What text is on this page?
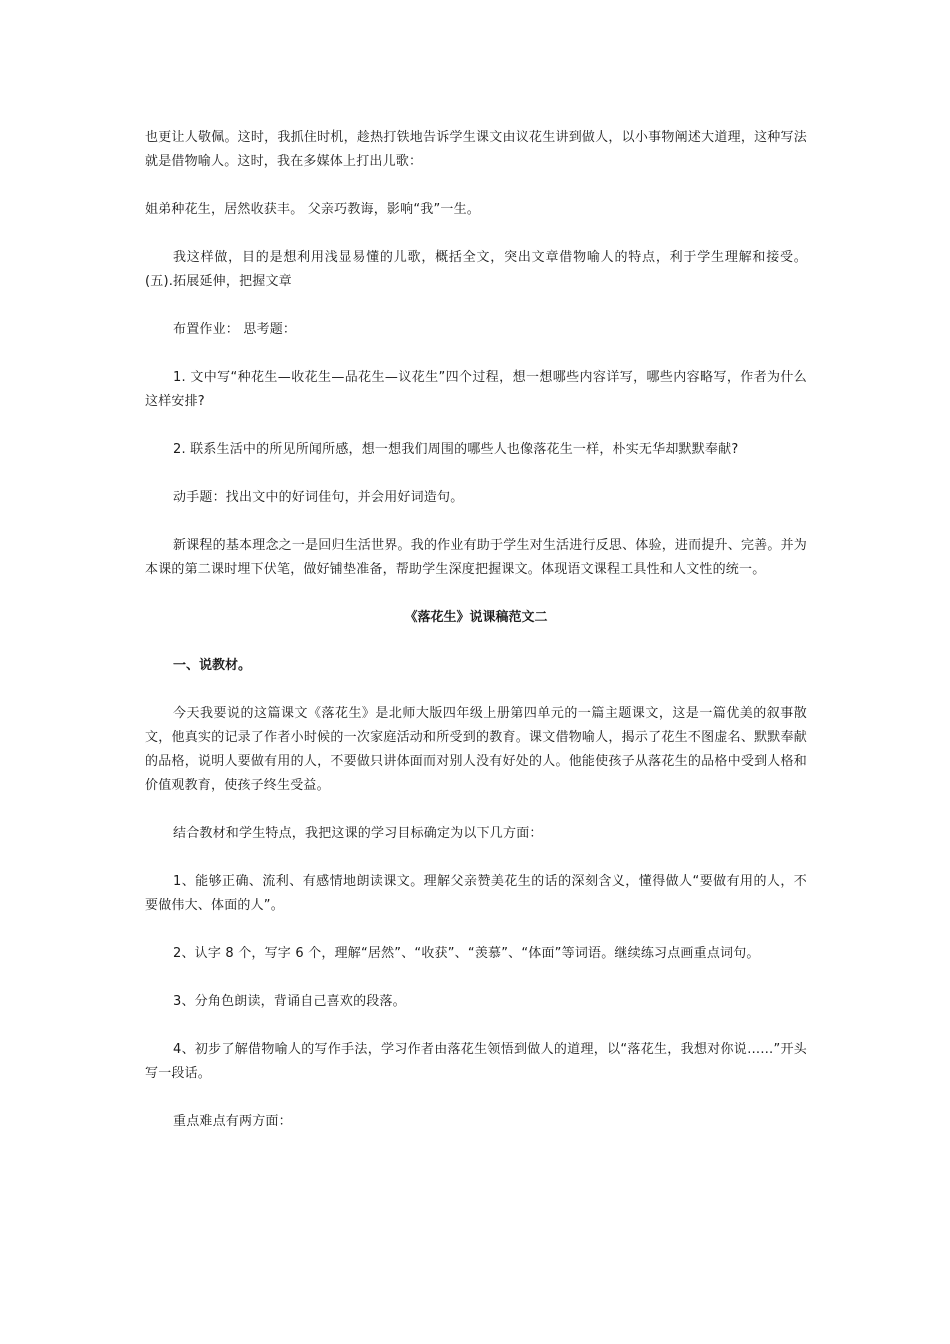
也更让人敬佩。这时，我抓住时机，趁热打铁地告诉学生课文由议花生讲到做人，以小事物阐述大道理，这种写法就是借物喻人。这时，我在多媒体上打出儿歌：

姐弟种花生，居然收获丰。 父亲巧教诲，影响“我”一生。

我这样做，目的是想利用浅显易懂的儿歌，概括全文，突出文章借物喻人的特点，利于学生理解和接受。 (五).拓展延伸，把握文章

布置作业： 思考题：

1. 文中写“种花生—收花生—品花生—议花生”四个过程，想一想哪些内容详写，哪些内容略写，作者为什么这样安排?

2. 联系生活中的所见所闻所感，想一想我们周围的哪些人也像落花生一样，朴实无华却默默奉献?

动手题：找出文中的好词佳句，并会用好词造句。

新课程的基本理念之一是回归生活世界。我的作业有助于学生对生活进行反思、体验，进而提升、完善。并为本课的第二课时埋下伏笔，做好铺垫准备，帮助学生深度把握课文。体现语文课程工具性和人文性的统一。

《落花生》说课稿范文二

一、说教材。

今天我要说的这篇课文《落花生》是北师大版四年级上册第四单元的一篇主题课文，这是一篇优美的叙事散文，他真实的记录了作者小时候的一次家庭活动和所受到的教育。课文借物喻人，揭示了花生不图虚名、默默奉献的品格，说明人要做有用的人，不要做只讲体面而对别人没有好处的人。他能使孩子从落花生的品格中受到人格和价值观教育，使孩子终生受益。

结合教材和学生特点，我把这课的学习目标确定为以下几方面：

1、能够正确、流利、有感情地朗读课文。理解父亲赞美花生的话的深刻含义，懂得做人“要做有用的人，不要做伟大、体面的人”。

2、认字 8 个，写字 6 个，理解“居然”、“收获”、“羡慕”、“体面”等词语。继续练习点画重点词句。

3、分角色朗读，背诵自己喜欢的段落。

4、初步了解借物喻人的写作手法，学习作者由落花生领悟到做人的道理，以“落花生，我想对你说……”开头写一段话。

重点难点有两方面：
